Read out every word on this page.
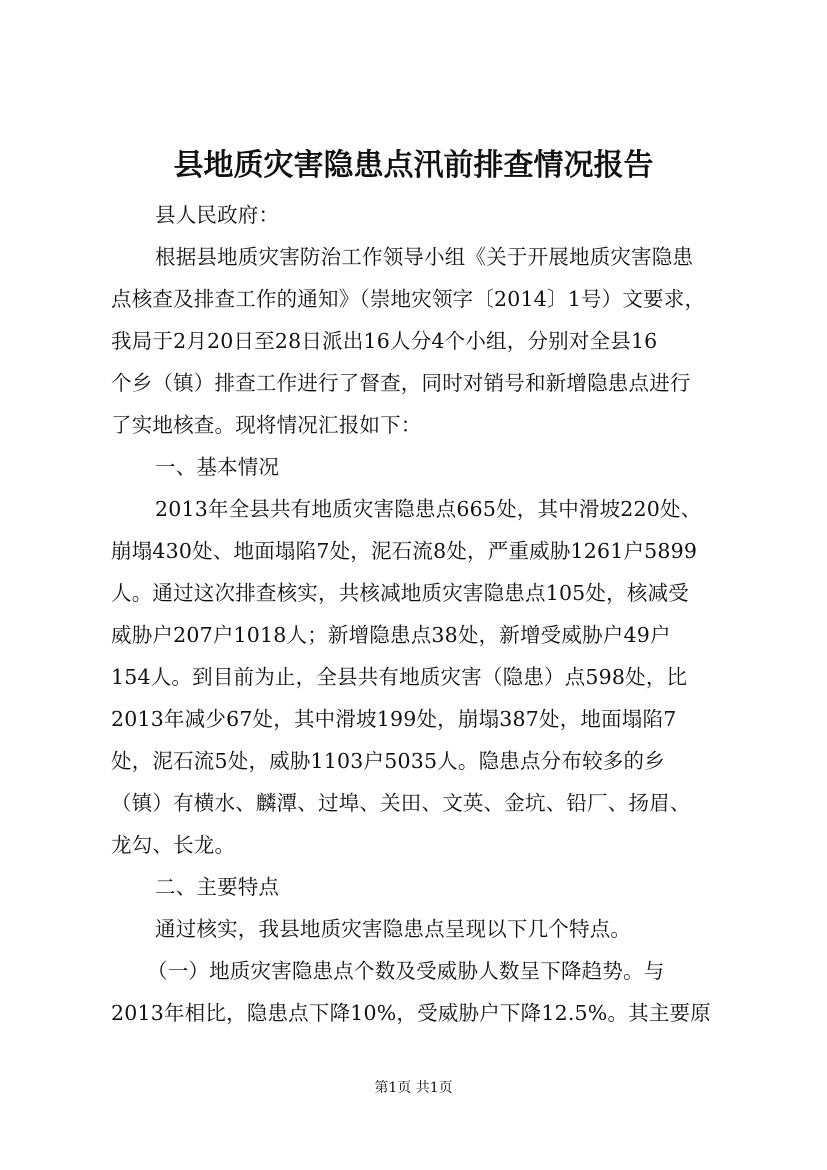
县地质灾害隐患点汛前排查情况报告
县人民政府：
根据县地质灾害防治工作领导小组《关于开展地质灾害隐患
点核查及排查工作的通知》（崇地灾领字〔2014〕1号）文要求，
我局于2月20日至28日派出16人分4个小组，分别对全县16
个乡（镇）排查工作进行了督查，同时对销号和新增隐患点进行
了实地核查。现将情况汇报如下：
一、基本情况
2013年全县共有地质灾害隐患点665处，其中滑坡220处、
崩塌430处、地面塌陷7处，泥石流8处，严重威胁1261户5899
人。通过这次排查核实，共核减地质灾害隐患点105处，核减受
威胁户207户1018人；新增隐患点38处，新增受威胁户49户
154人。到目前为止，全县共有地质灾害（隐患）点598处，比
2013年减少67处，其中滑坡199处，崩塌387处，地面塌陷7
处，泥石流5处，威胁1103户5035人。隐患点分布较多的乡
（镇）有横水、麟潭、过埠、关田、文英、金坑、铅厂、扬眉、
龙勾、长龙。
二、主要特点
通过核实，我县地质灾害隐患点呈现以下几个特点。
（一）地质灾害隐患点个数及受威胁人数呈下降趋势。与
2013年相比，隐患点下降10%，受威胁户下降12.5%。其主要原
第1页 共1页
